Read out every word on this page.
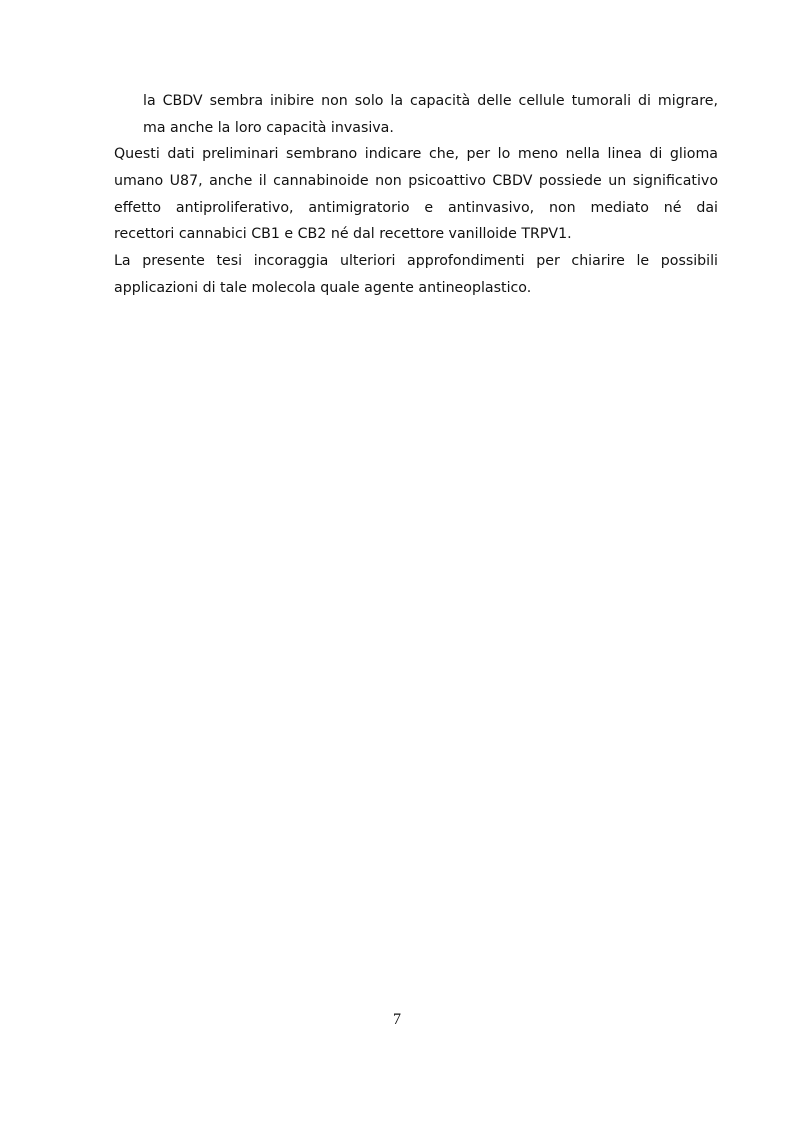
la CBDV sembra inibire non solo la capacità delle cellule tumorali di migrare,
ma anche la loro capacità invasiva.
Questi dati preliminari sembrano indicare che, per lo meno nella linea di glioma
umano U87, anche il cannabinoide non psicoattivo CBDV possiede un significativo
effetto antiproliferativo, antimigratorio e antinvasivo, non mediato né dai
recettori cannabici CB1 e CB2 né dal recettore vanilloide TRPV1.
La presente tesi incoraggia ulteriori approfondimenti per chiarire le possibili
applicazioni di tale molecola quale agente antineoplastico.
7
